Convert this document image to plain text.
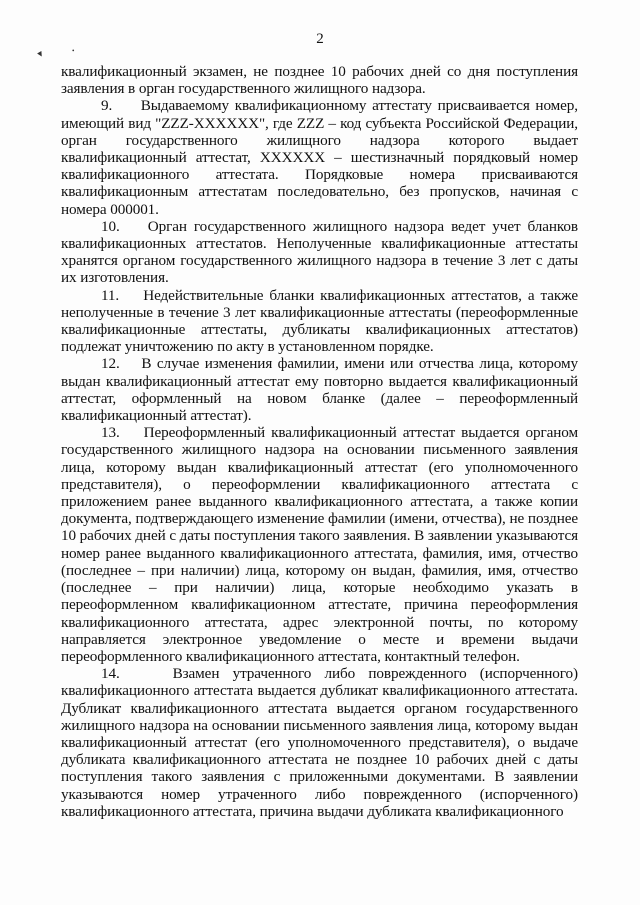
2
▾	•

квалификационный экзамен, не позднее 10 рабочих дней со дня поступления заявления в орган государственного жилищного надзора.

9.     Выдаваемому квалификационному аттестату присваивается номер, имеющий вид "ZZZ-XXXXXX", где ZZZ – код субъекта Российской Федерации, орган государственного жилищного надзора которого выдает квалификационный аттестат, XXXXXX – шестизначный порядковый номер квалификационного аттестата. Порядковые номера присваиваются квалификационным аттестатам последовательно, без пропусков, начиная с номера 000001.

10.    Орган государственного жилищного надзора ведет учет бланков квалификационных аттестатов. Неполученные квалификационные аттестаты хранятся органом государственного жилищного надзора в течение 3 лет с даты их изготовления.

11.    Недействительные бланки квалификационных аттестатов, а также неполученные в течение 3 лет квалификационные аттестаты (переоформленные квалификационные аттестаты, дубликаты квалификационных аттестатов) подлежат уничтожению по акту в установленном порядке.

12.    В случае изменения фамилии, имени или отчества лица, которому выдан квалификационный аттестат ему повторно выдается квалификационный аттестат, оформленный на новом бланке (далее – переоформленный квалификационный аттестат).

13.    Переоформленный квалификационный аттестат выдается органом государственного жилищного надзора на основании письменного заявления лица, которому выдан квалификационный аттестат (его уполномоченного представителя), о переоформлении квалификационного аттестата с приложением ранее выданного квалификационного аттестата, а также копии документа, подтверждающего изменение фамилии (имени, отчества), не позднее 10 рабочих дней с даты поступления такого заявления. В заявлении указываются номер ранее выданного квалификационного аттестата, фамилия, имя, отчество (последнее – при наличии) лица, которому он выдан, фамилия, имя, отчество (последнее – при наличии) лица, которые необходимо указать в переоформленном квалификационном аттестате, причина переоформления квалификационного аттестата, адрес электронной почты, по которому направляется электронное уведомление о месте и времени выдачи переоформленного квалификационного аттестата, контактный телефон.

14.    Взамен утраченного либо поврежденного (испорченного) квалификационного аттестата выдается дубликат квалификационного аттестата. Дубликат квалификационного аттестата выдается органом государственного жилищного надзора на основании письменного заявления лица, которому выдан квалификационный аттестат (его уполномоченного представителя), о выдаче дубликата квалификационного аттестата не позднее 10 рабочих дней с даты поступления такого заявления с приложенными документами. В заявлении указываются номер утраченного либо поврежденного (испорченного) квалификационного аттестата, причина выдачи дубликата квалификационного
